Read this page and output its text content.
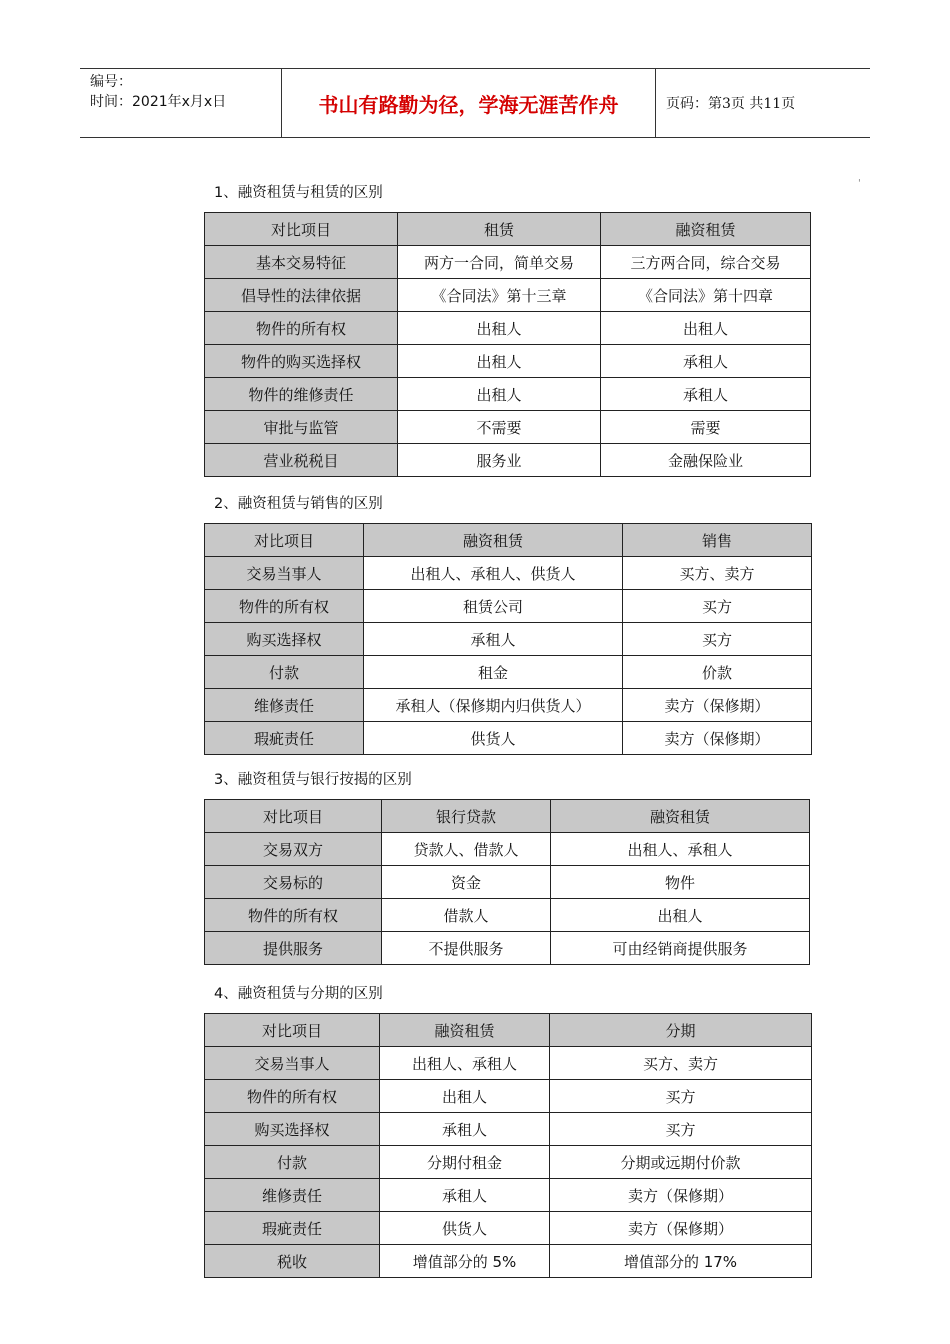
编号：
时间：2021年x月x日	书山有路勤为径，学海无涯苦作舟	页码：第3页 共11页
'
1、融资租赁与租赁的区别
对比项目	租赁	融资租赁
基本交易特征	两方一合同，简单交易	三方两合同，综合交易
倡导性的法律依据	《合同法》第十三章	《合同法》第十四章
物件的所有权	出租人	出租人
物件的购买选择权	出租人	承租人
物件的维修责任	出租人	承租人
审批与监管	不需要	需要
营业税税目	服务业	金融保险业
2、融资租赁与销售的区别
对比项目	融资租赁	销售
交易当事人	出租人、承租人、供货人	买方、卖方
物件的所有权	租赁公司	买方
购买选择权	承租人	买方
付款	租金	价款
维修责任	承租人（保修期内归供货人）	卖方（保修期）
瑕疵责任	供货人	卖方（保修期）
3、融资租赁与银行按揭的区别
对比项目	银行贷款	融资租赁
交易双方	贷款人、借款人	出租人、承租人
交易标的	资金	物件
物件的所有权	借款人	出租人
提供服务	不提供服务	可由经销商提供服务
4、融资租赁与分期的区别
对比项目	融资租赁	分期
交易当事人	出租人、承租人	买方、卖方
物件的所有权	出租人	买方
购买选择权	承租人	买方
付款	分期付租金	分期或远期付价款
维修责任	承租人	卖方（保修期）
瑕疵责任	供货人	卖方（保修期）
税收	增值部分的 5%	增值部分的 17%
